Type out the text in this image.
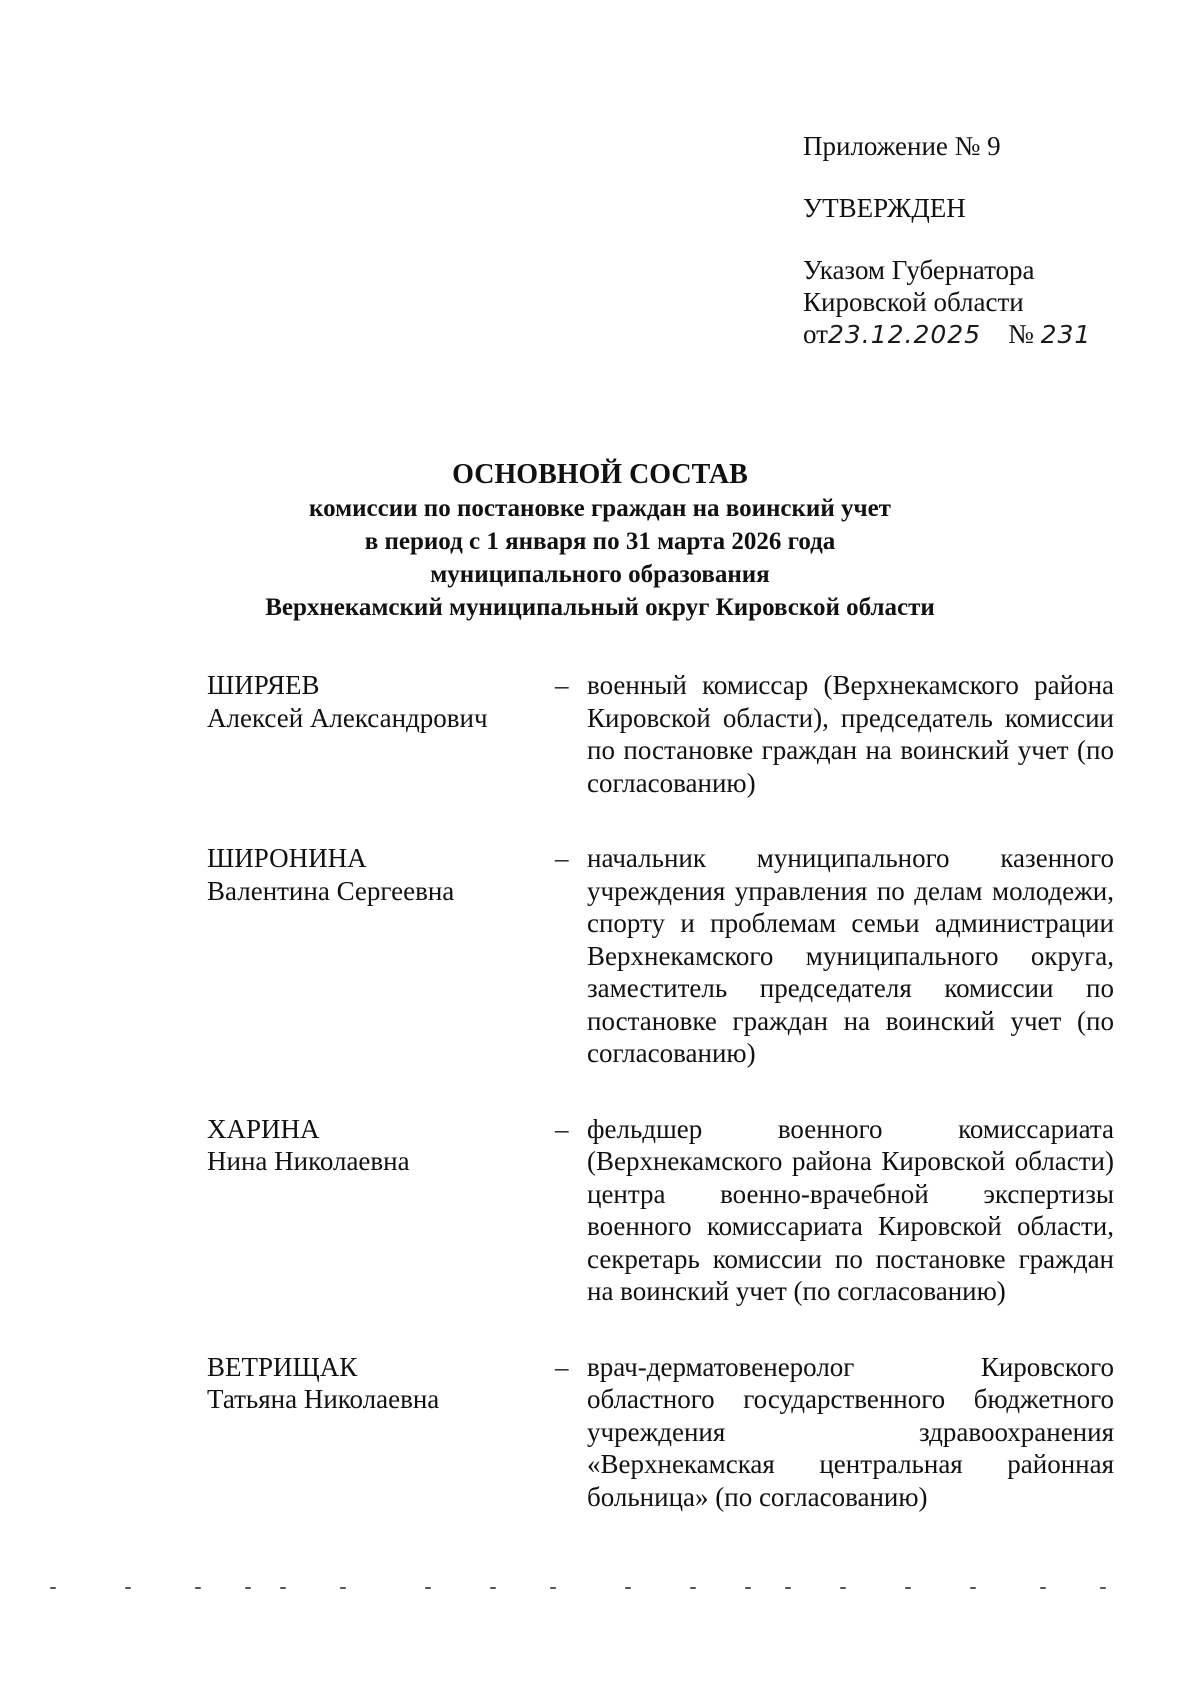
Приложение № 9
УТВЕРЖДЕН
Указом Губернатора
Кировской области
от23.12.2025 № 231
ОСНОВНОЙ СОСТАВ
комиссии по постановке граждан на воинский учет
в период с 1 января по 31 марта 2026 года
муниципального образования
Верхнекамский муниципальный округ Кировской области
ШИРЯЕВ
Алексей Александрович
– военный комиссар (Верхнекамского района Кировской области), председатель комиссии по постановке граждан на воинский учет (по согласованию)
ШИРОНИНА
Валентина Сергеевна
– начальник муниципального казенного учреждения управления по делам молодежи, спорту и проблемам семьи администрации Верхнекамского муниципального округа, заместитель председателя комиссии по постановке граждан на воинский учет (по согласованию)
ХАРИНА
Нина Николаевна
– фельдшер военного комиссариата (Верхнекамского района Кировской области) центра военно-врачебной экспертизы военного комиссариата Кировской области, секретарь комиссии по постановке граждан на воинский учет (по согласованию)
ВЕТРИЩАК
Татьяна Николаевна
– врач-дерматовенеролог Кировского областного государственного бюджетного учреждения здравоохранения «Верхнекамская центральная районная больница» (по согласованию)
